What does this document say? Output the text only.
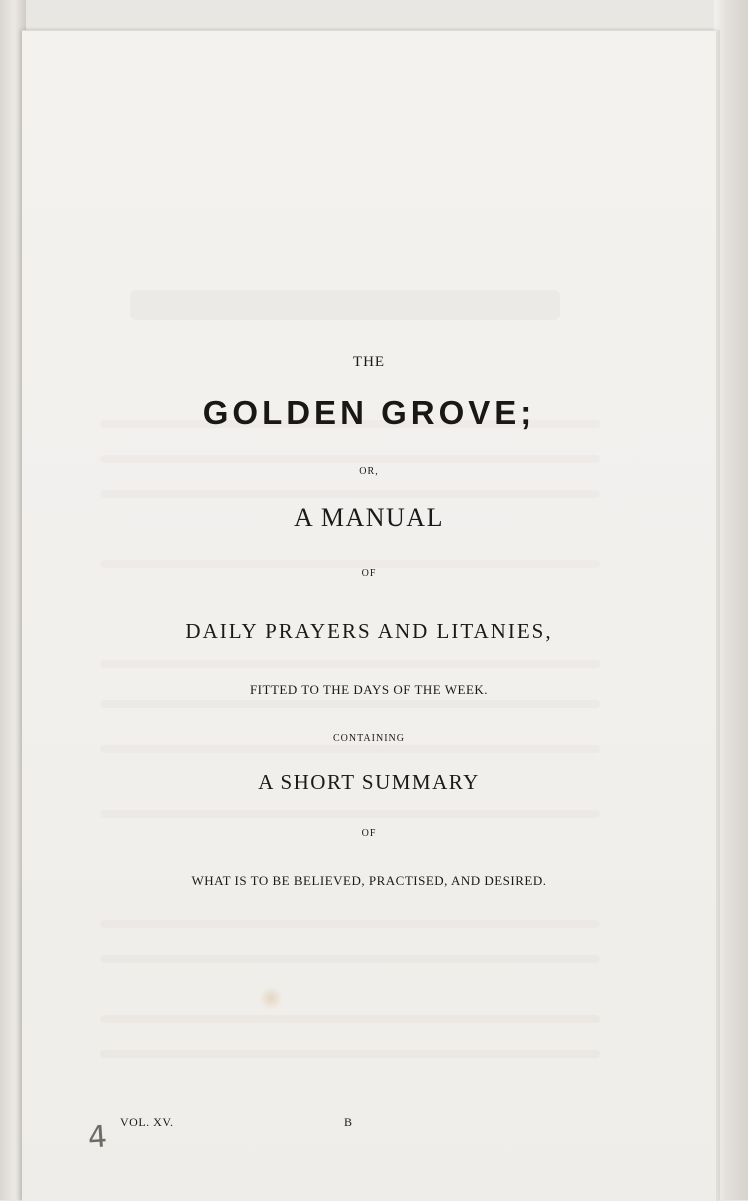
THE
GOLDEN GROVE;
OR,
A MANUAL
OF
DAILY PRAYERS AND LITANIES,
FITTED TO THE DAYS OF THE WEEK.
CONTAINING
A SHORT SUMMARY
OF
WHAT IS TO BE BELIEVED, PRACTISED, AND DESIRED.
VOL. XV.	B
4
